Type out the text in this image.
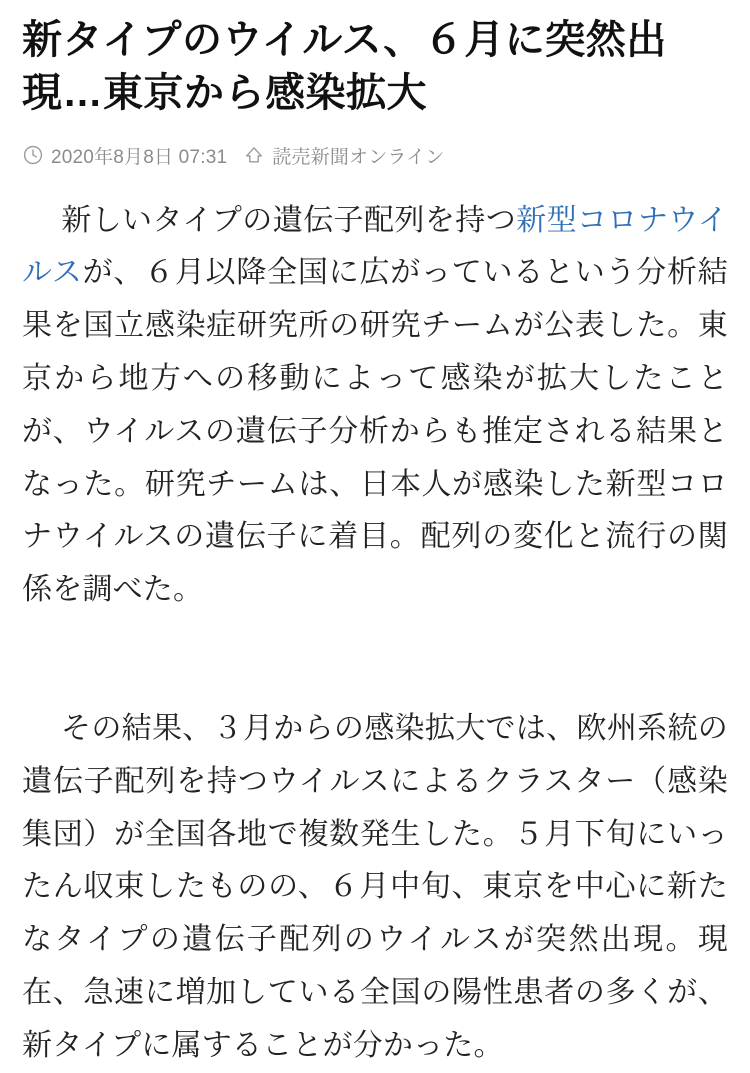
新タイプのウイルス、６月に突然出現…東京から感染拡大
2020年8月8日 07:31 読売新聞オンライン

新しいタイプの遺伝子配列を持つ新型コロナウイルスが、６月以降全国に広がっているという分析結果を国立感染症研究所の研究チームが公表した。東京から地方への移動によって感染が拡大したことが、ウイルスの遺伝子分析からも推定される結果となった。研究チームは、日本人が感染した新型コロナウイルスの遺伝子に着目。配列の変化と流行の関係を調べた。

その結果、３月からの感染拡大では、欧州系統の遺伝子配列を持つウイルスによるクラスター（感染集団）が全国各地で複数発生した。５月下旬にいったん収束したものの、６月中旬、東京を中心に新たなタイプの遺伝子配列のウイルスが突然出現。現在、急速に増加している全国の陽性患者の多くが、新タイプに属することが分かった。
